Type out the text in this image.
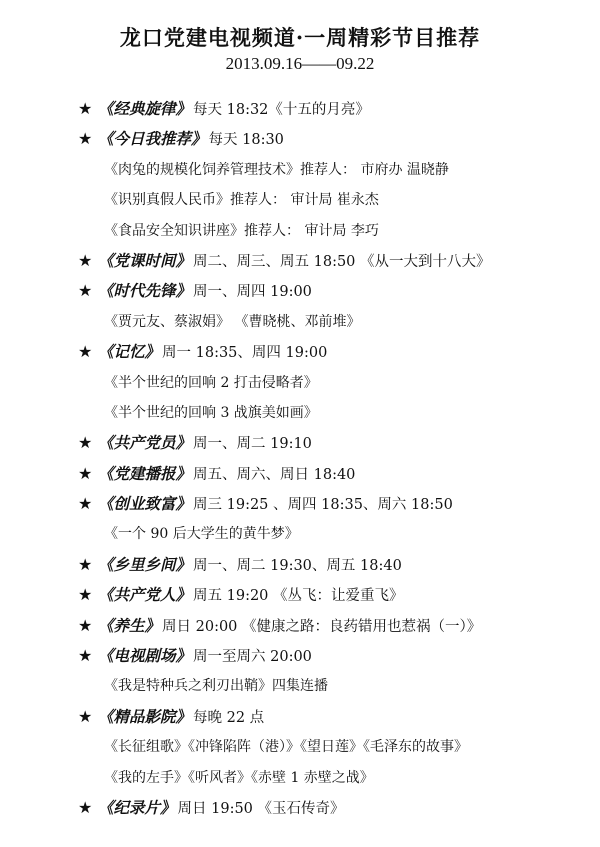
龙口党建电视频道·一周精彩节目推荐
2013.09.16——09.22
★ 《经典旋律》 每天 18:32《十五的月亮》
★ 《今日我推荐》 每天 18:30
《肉兔的规模化饲养管理技术》推荐人： 市府办 温晓静
《识别真假人民币》推荐人： 审计局 崔永杰
《食品安全知识讲座》推荐人： 审计局 李巧
★ 《党课时间》 周二、周三、周五 18:50 《从一大到十八大》
★ 《时代先锋》 周一、周四 19:00
《贾元友、蔡淑娟》 《曹晓桃、邓前堆》
★ 《记忆》 周一 18:35、周四 19:00
《半个世纪的回响 2 打击侵略者》
《半个世纪的回响 3 战旗美如画》
★ 《共产党员》 周一、周二 19:10
★ 《党建播报》 周五、周六、周日 18:40
★ 《创业致富》 周三 19:25 、周四 18:35、周六 18:50
《一个 90 后大学生的黄牛梦》
★ 《乡里乡间》 周一、周二 19:30、周五 18:40
★ 《共产党人》 周五 19:20 《丛飞：让爱重飞》
★ 《养生》 周日 20:00 《健康之路：良药错用也惹祸（一）》
★ 《电视剧场》 周一至周六 20:00
《我是特种兵之利刃出鞘》四集连播
★ 《精品影院》 每晚 22 点
《长征组歌》《冲锋陷阵（港）》《望日莲》《毛泽东的故事》
《我的左手》《听风者》《赤壁 1 赤壁之战》
★ 《纪录片》 周日 19:50 《玉石传奇》
